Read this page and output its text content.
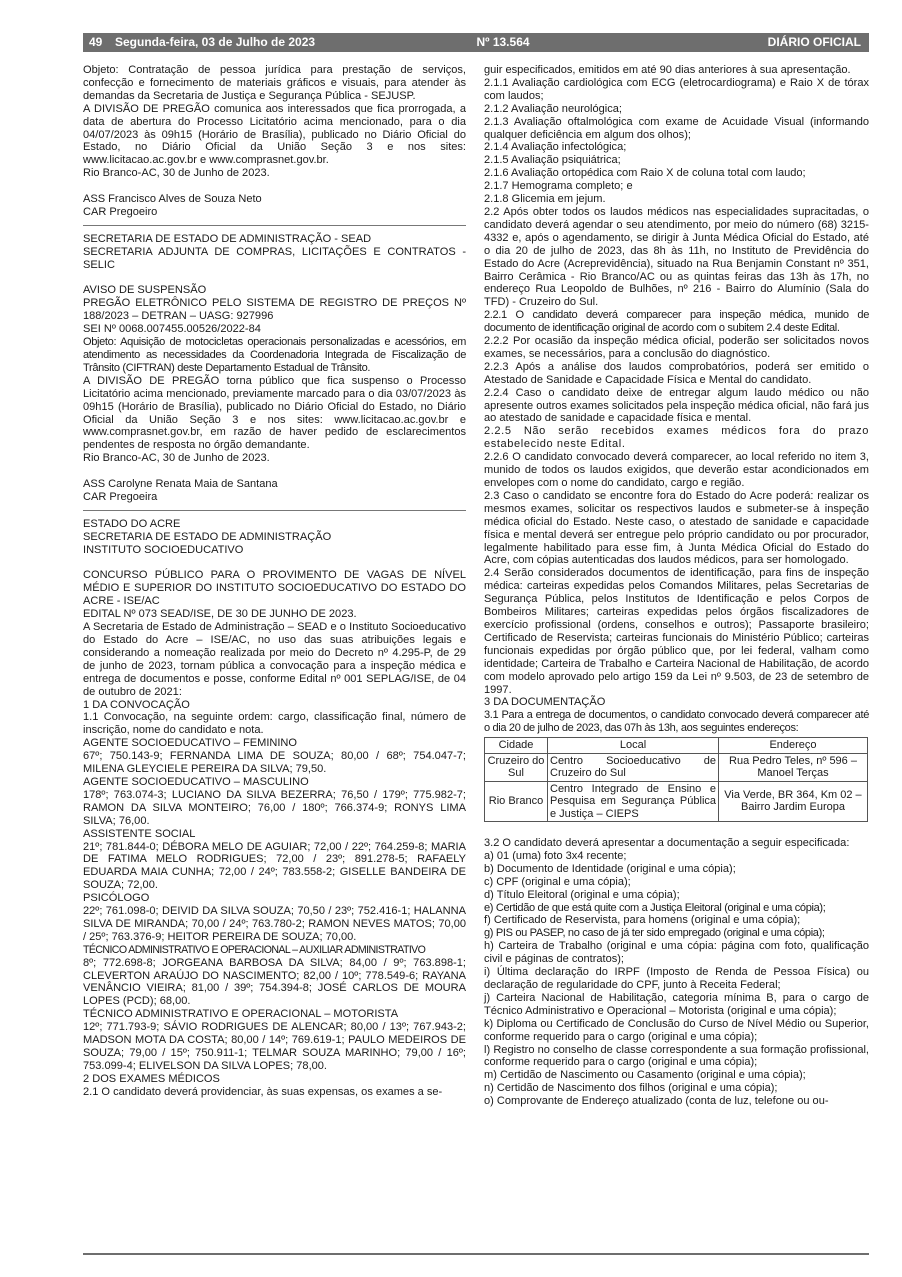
49 Segunda-feira, 03 de Julho de 2023	Nº 13.564	DIÁRIO OFICIAL

Objeto: Contratação de pessoa jurídica para prestação de serviços, confecção e fornecimento de materiais gráficos e visuais, para atender às demandas da Secretaria de Justiça e Segurança Pública - SEJUSP.

A DIVISÃO DE PREGÃO comunica aos interessados que fica prorrogada, a data de abertura do Processo Licitatório acima mencionado, para o dia 04/07/2023 às 09h15 (Horário de Brasília), publicado no Diário Oficial do Estado, no Diário Oficial da União Seção 3 e nos sites: www.licitacao.ac.gov.br e www.comprasnet.gov.br.

Rio Branco-AC, 30 de Junho de 2023.

ASS Francisco Alves de Souza Neto

CAR Pregoeiro

SECRETARIA DE ESTADO DE ADMINISTRAÇÃO - SEAD

SECRETARIA ADJUNTA DE COMPRAS, LICITAÇÕES E CONTRATOS - SELIC

AVISO DE SUSPENSÃO

PREGÃO ELETRÔNICO PELO SISTEMA DE REGISTRO DE PREÇOS Nº 188/2023 – DETRAN – UASG: 927996

SEI Nº 0068.007455.00526/2022-84

Objeto: Aquisição de motocicletas operacionais personalizadas e acessórios, em atendimento as necessidades da Coordenadoria Integrada de Fiscalização de Trânsito (CIFTRAN) deste Departamento Estadual de Trânsito.

A DIVISÃO DE PREGÃO torna público que fica suspenso o Processo Licitatório acima mencionado, previamente marcado para o dia 03/07/2023 às 09h15 (Horário de Brasília), publicado no Diário Oficial do Estado, no Diário Oficial da União Seção 3 e nos sites: www.licitacao.ac.gov.br e www.comprasnet.gov.br, em razão de haver pedido de esclarecimentos pendentes de resposta no órgão demandante.

Rio Branco-AC, 30 de Junho de 2023.

ASS Carolyne Renata Maia de Santana

CAR Pregoeira

ESTADO DO ACRE

SECRETARIA DE ESTADO DE ADMINISTRAÇÃO

INSTITUTO SOCIOEDUCATIVO

CONCURSO PÚBLICO PARA O PROVIMENTO DE VAGAS DE NÍVEL MÉDIO E SUPERIOR DO INSTITUTO SOCIOEDUCATIVO DO ESTADO DO ACRE - ISE/AC

EDITAL Nº 073 SEAD/ISE, DE 30 DE JUNHO DE 2023.

A Secretaria de Estado de Administração – SEAD e o Instituto Socioeducativo do Estado do Acre – ISE/AC, no uso das suas atribuições legais e considerando a nomeação realizada por meio do Decreto nº 4.295-P, de 29 de junho de 2023, tornam pública a convocação para a inspeção médica e entrega de documentos e posse, conforme Edital nº 001 SEPLAG/ISE, de 04 de outubro de 2021:

1 DA CONVOCAÇÃO

1.1 Convocação, na seguinte ordem: cargo, classificação final, número de inscrição, nome do candidato e nota.

AGENTE SOCIOEDUCATIVO – FEMININO

67º; 750.143-9; FERNANDA LIMA DE SOUZA; 80,00 / 68º; 754.047-7; MILENA GLEYCIELE PEREIRA DA SILVA; 79,50.

AGENTE SOCIOEDUCATIVO – MASCULINO

178º; 763.074-3; LUCIANO DA SILVA BEZERRA; 76,50 / 179º; 775.982-7; RAMON DA SILVA MONTEIRO; 76,00 / 180º; 766.374-9; RONYS LIMA SILVA; 76,00.

ASSISTENTE SOCIAL

21º; 781.844-0; DÉBORA MELO DE AGUIAR; 72,00 / 22º; 764.259-8; MARIA DE FATIMA MELO RODRIGUES; 72,00 / 23º; 891.278-5; RAFAELY EDUARDA MAIA CUNHA; 72,00 / 24º; 783.558-2; GISELLE BANDEIRA DE SOUZA; 72,00.

PSICÓLOGO

22º; 761.098-0; DEIVID DA SILVA SOUZA; 70,50 / 23º; 752.416-1; HALANNA SILVA DE MIRANDA; 70,00 / 24º; 763.780-2; RAMON NEVES MATOS; 70,00 / 25º; 763.376-9; HEITOR PEREIRA DE SOUZA; 70,00.

TÉCNICO ADMINISTRATIVO E OPERACIONAL – AUXILIAR ADMINISTRATIVO

8º; 772.698-8; JORGEANA BARBOSA DA SILVA; 84,00 / 9º; 763.898-1; CLEVERTON ARAÚJO DO NASCIMENTO; 82,00 / 10º; 778.549-6; RAYANA VENÂNCIO VIEIRA; 81,00 / 39º; 754.394-8; JOSÉ CARLOS DE MOURA LOPES (PCD); 68,00.

TÉCNICO ADMINISTRATIVO E OPERACIONAL – MOTORISTA

12º; 771.793-9; SÁVIO RODRIGUES DE ALENCAR; 80,00 / 13º; 767.943-2; MADSON MOTA DA COSTA; 80,00 / 14º; 769.619-1; PAULO MEDEIROS DE SOUZA; 79,00 / 15º; 750.911-1; TELMAR SOUZA MARINHO; 79,00 / 16º; 753.099-4; ELIVELSON DA SILVA LOPES; 78,00.

2 DOS EXAMES MÉDICOS

2.1 O candidato deverá providenciar, às suas expensas, os exames a se-

guir especificados, emitidos em até 90 dias anteriores à sua apresentação.

2.1.1 Avaliação cardiológica com ECG (eletrocardiograma) e Raio X de tórax com laudos;

2.1.2 Avaliação neurológica;

2.1.3 Avaliação oftalmológica com exame de Acuidade Visual (informando qualquer deficiência em algum dos olhos);

2.1.4 Avaliação infectológica;

2.1.5 Avaliação psiquiátrica;

2.1.6 Avaliação ortopédica com Raio X de coluna total com laudo;

2.1.7 Hemograma completo; e

2.1.8 Glicemia em jejum.

2.2 Após obter todos os laudos médicos nas especialidades supracitadas, o candidato deverá agendar o seu atendimento, por meio do número (68) 3215-4332 e, após o agendamento, se dirigir à Junta Médica Oficial do Estado, até o dia 20 de julho de 2023, das 8h às 11h, no Instituto de Previdência do Estado do Acre (Acreprevidência), situado na Rua Benjamin Constant nº 351, Bairro Cerâmica - Rio Branco/AC ou as quintas feiras das 13h às 17h, no endereço Rua Leopoldo de Bulhões, nº 216 - Bairro do Alumínio (Sala do TFD) - Cruzeiro do Sul.

2.2.1 O candidato deverá comparecer para inspeção médica, munido de documento de identificação original de acordo com o subitem 2.4 deste Edital.

2.2.2 Por ocasião da inspeção médica oficial, poderão ser solicitados novos exames, se necessários, para a conclusão do diagnóstico.

2.2.3 Após a análise dos laudos comprobatórios, poderá ser emitido o Atestado de Sanidade e Capacidade Física e Mental do candidato.

2.2.4 Caso o candidato deixe de entregar algum laudo médico ou não apresente outros exames solicitados pela inspeção médica oficial, não fará jus ao atestado de sanidade e capacidade física e mental.

2.2.5 Não serão recebidos exames médicos fora do prazo estabelecido neste Edital.

2.2.6 O candidato convocado deverá comparecer, ao local referido no item 3, munido de todos os laudos exigidos, que deverão estar acondicionados em envelopes com o nome do candidato, cargo e região.

2.3 Caso o candidato se encontre fora do Estado do Acre poderá: realizar os mesmos exames, solicitar os respectivos laudos e submeter-se à inspeção médica oficial do Estado. Neste caso, o atestado de sanidade e capacidade física e mental deverá ser entregue pelo próprio candidato ou por procurador, legalmente habilitado para esse fim, à Junta Médica Oficial do Estado do Acre, com cópias autenticadas dos laudos médicos, para ser homologado.

2.4 Serão considerados documentos de identificação, para fins de inspeção médica: carteiras expedidas pelos Comandos Militares, pelas Secretarias de Segurança Pública, pelos Institutos de Identificação e pelos Corpos de Bombeiros Militares; carteiras expedidas pelos órgãos fiscalizadores de exercício profissional (ordens, conselhos e outros); Passaporte brasileiro; Certificado de Reservista; carteiras funcionais do Ministério Público; carteiras funcionais expedidas por órgão público que, por lei federal, valham como identidade; Carteira de Trabalho e Carteira Nacional de Habilitação, de acordo com modelo aprovado pelo artigo 159 da Lei nº 9.503, de 23 de setembro de 1997.

3 DA DOCUMENTAÇÃO

3.1 Para a entrega de documentos, o candidato convocado deverá comparecer até o dia 20 de julho de 2023, das 07h às 13h, aos seguintes endereços:

Cidade	Local	Endereço
Cruzeiro do Sul	Centro Socioeducativo de Cruzeiro do Sul	Rua Pedro Teles, nº 596 – Manoel Terças
Rio Branco	Centro Integrado de Ensino e Pesquisa em Segurança Pública e Justiça – CIEPS	Via Verde, BR 364, Km 02 – Bairro Jardim Europa

3.2 O candidato deverá apresentar a documentação a seguir especificada:

a) 01 (uma) foto 3x4 recente;

b) Documento de Identidade (original e uma cópia);

c) CPF (original e uma cópia);

d) Título Eleitoral (original e uma cópia);

e) Certidão de que está quite com a Justiça Eleitoral (original e uma cópia);

f) Certificado de Reservista, para homens (original e uma cópia);

g) PIS ou PASEP, no caso de já ter sido empregado (original e uma cópia);

h) Carteira de Trabalho (original e uma cópia: página com foto, qualificação civil e páginas de contratos);

i) Última declaração do IRPF (Imposto de Renda de Pessoa Física) ou declaração de regularidade do CPF, junto à Receita Federal;

j) Carteira Nacional de Habilitação, categoria mínima B, para o cargo de Técnico Administrativo e Operacional – Motorista (original e uma cópia);

k) Diploma ou Certificado de Conclusão do Curso de Nível Médio ou Superior, conforme requerido para o cargo (original e uma cópia);

l) Registro no conselho de classe correspondente a sua formação profissional, conforme requerido para o cargo (original e uma cópia);

m) Certidão de Nascimento ou Casamento (original e uma cópia);

n) Certidão de Nascimento dos filhos (original e uma cópia);

o) Comprovante de Endereço atualizado (conta de luz, telefone ou ou-
